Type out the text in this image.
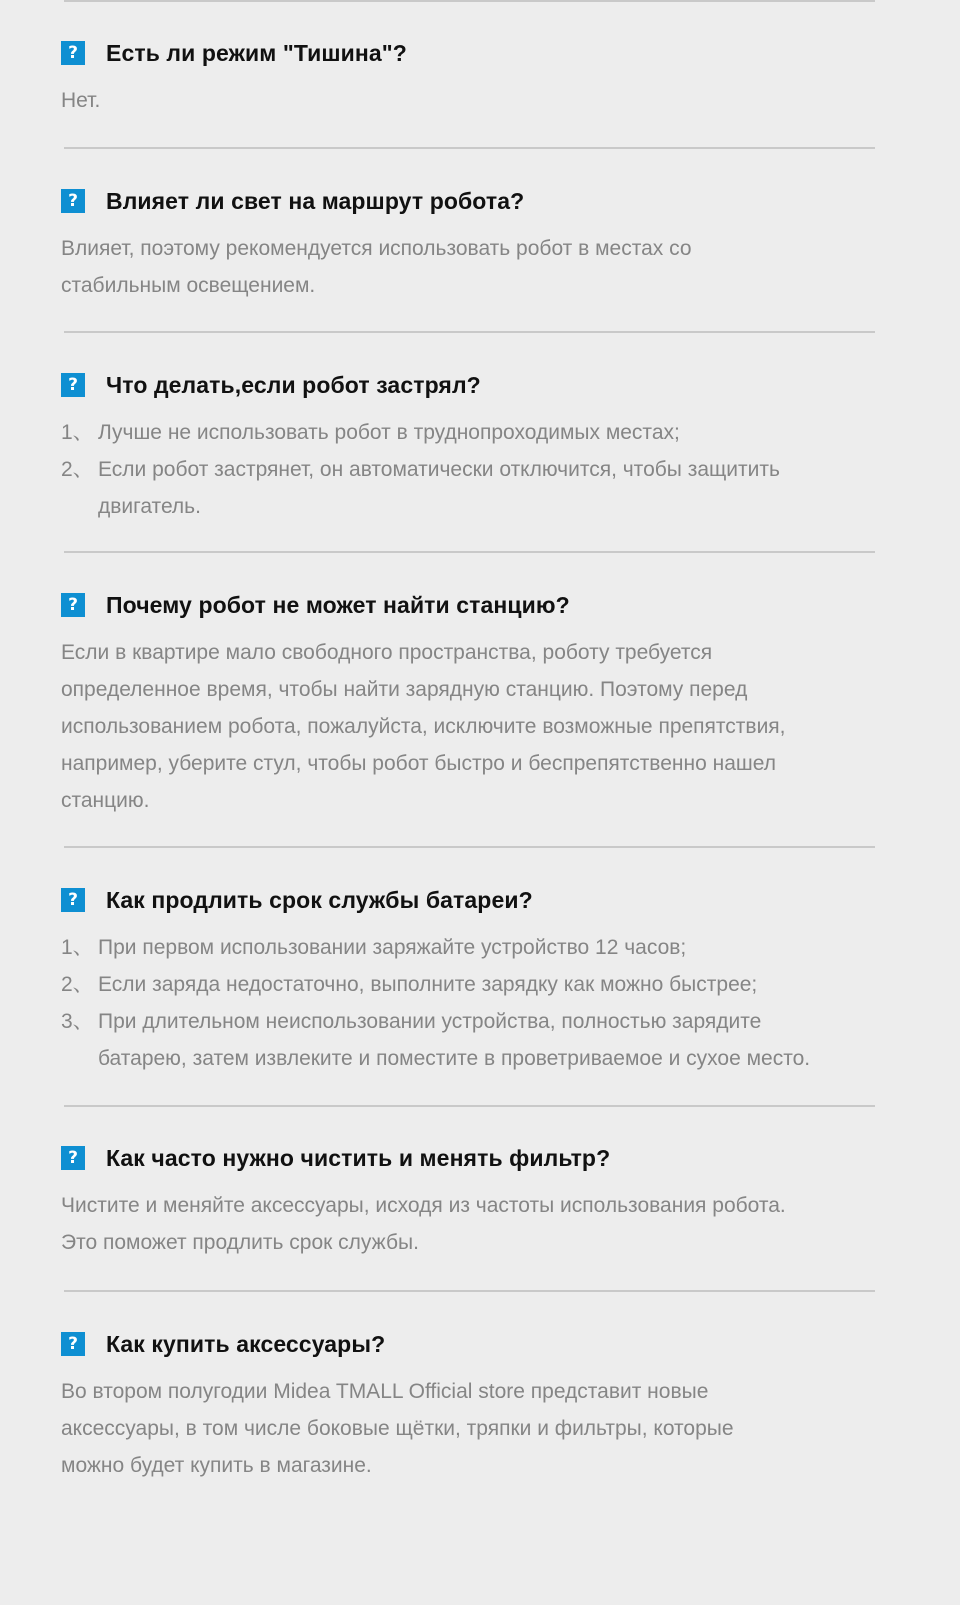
?	Есть ли режим "Тишина"?

Нет.

?	Влияет ли свет на маршрут робота?

Влияет, поэтому рекомендуется использовать робот в местах со

стабильным освещением.

?	Что делать,если робот застрял?
1、 Лучше не использовать робот в труднопроходимых местах;
2、 Если робот застрянет, он автоматически отключится, чтобы защитить
двигатель.
?	Почему робот не может найти станцию?

Если в квартире мало свободного пространства, роботу требуется

определенное время, чтобы найти зарядную станцию. Поэтому перед

использованием робота, пожалуйста, исключите возможные препятствия,

например, уберите стул, чтобы робот быстро и беспрепятственно нашел

станцию.

?	Как продлить срок службы батареи?
1、 При первом использовании заряжайте устройство 12 часов;
2、 Если заряда недостаточно, выполните зарядку как можно быстрее;
3、 При длительном неиспользовании устройства, полностью зарядите
батарею, затем извлеките и поместите в проветриваемое и сухое место.
?	Как часто нужно чистить и менять фильтр?

Чистите и меняйте аксессуары, исходя из частоты использования робота.

Это поможет продлить срок службы.

?	Как купить аксессуары?

Во втором полугодии Midea TMALL Official store представит новые

аксессуары, в том числе боковые щётки, тряпки и фильтры, которые

можно будет купить в магазине.
